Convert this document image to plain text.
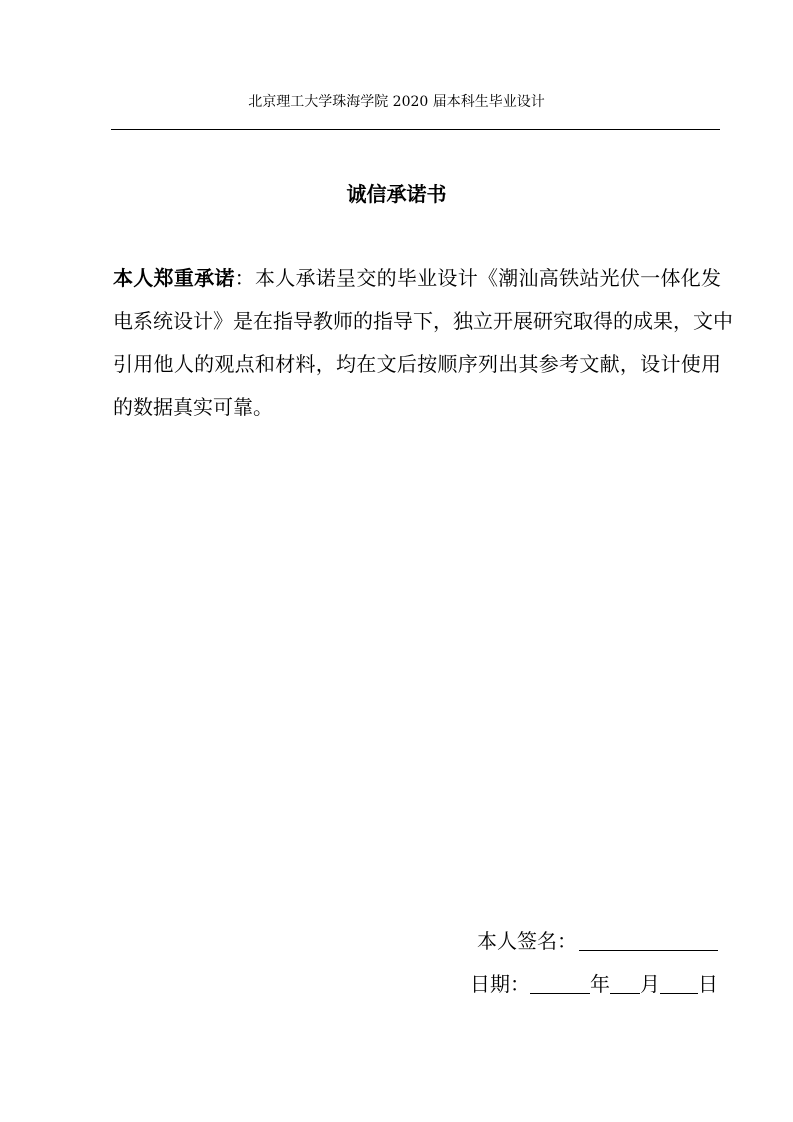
北京理工大学珠海学院 2020 届本科生毕业设计
诚信承诺书
本人郑重承诺：本人承诺呈交的毕业设计《潮汕高铁站光伏一体化发
电系统设计》是在指导教师的指导下，独立开展研究取得的成果，文中
引用他人的观点和材料，均在文后按顺序列出其参考文献，设计使用
的数据真实可靠。
本人签名：
日期：	年 月 日
